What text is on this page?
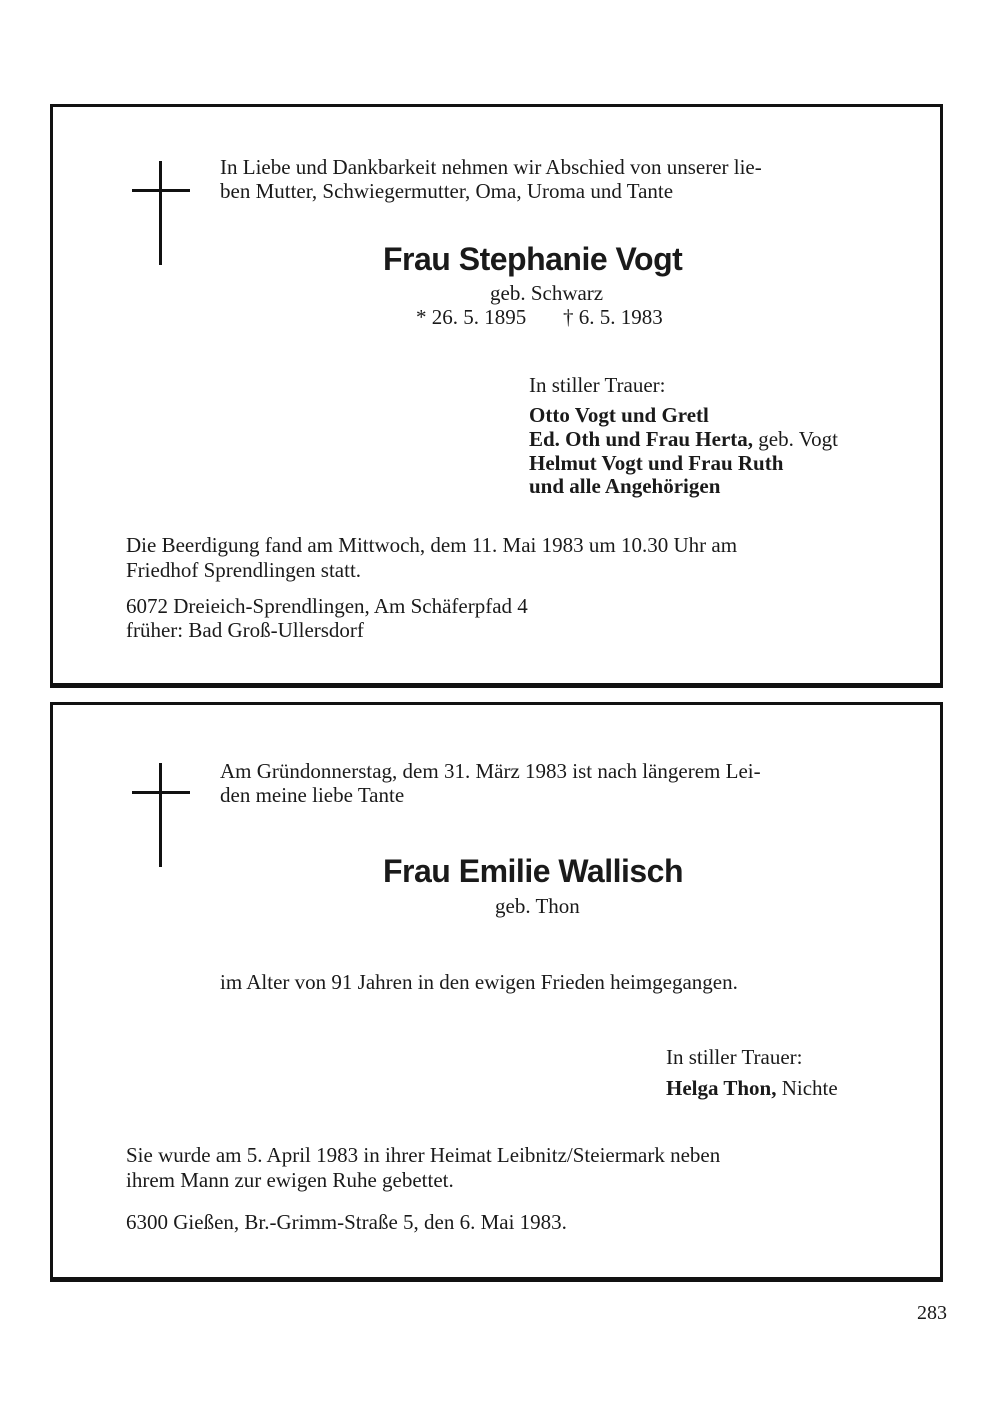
In Liebe und Dankbarkeit nehmen wir Abschied von unserer lie-
ben Mutter, Schwiegermutter, Oma, Uroma und Tante
Frau Stephanie Vogt
geb. Schwarz
* 26. 5. 1895 † 6. 5. 1983
In stiller Trauer:
Otto Vogt und Gretl
Ed. Oth und Frau Herta, geb. Vogt
Helmut Vogt und Frau Ruth
und alle Angehörigen
Die Beerdigung fand am Mittwoch, dem 11. Mai 1983 um 10.30 Uhr am
Friedhof Sprendlingen statt.
6072 Dreieich-Sprendlingen, Am Schäferpfad 4
früher: Bad Groß-Ullersdorf
Am Gründonnerstag, dem 31. März 1983 ist nach längerem Lei-
den meine liebe Tante
Frau Emilie Wallisch
geb. Thon
im Alter von 91 Jahren in den ewigen Frieden heimgegangen.
In stiller Trauer:
Helga Thon, Nichte
Sie wurde am 5. April 1983 in ihrer Heimat Leibnitz/Steiermark neben
ihrem Mann zur ewigen Ruhe gebettet.
6300 Gießen, Br.-Grimm-Straße 5, den 6. Mai 1983.
283
